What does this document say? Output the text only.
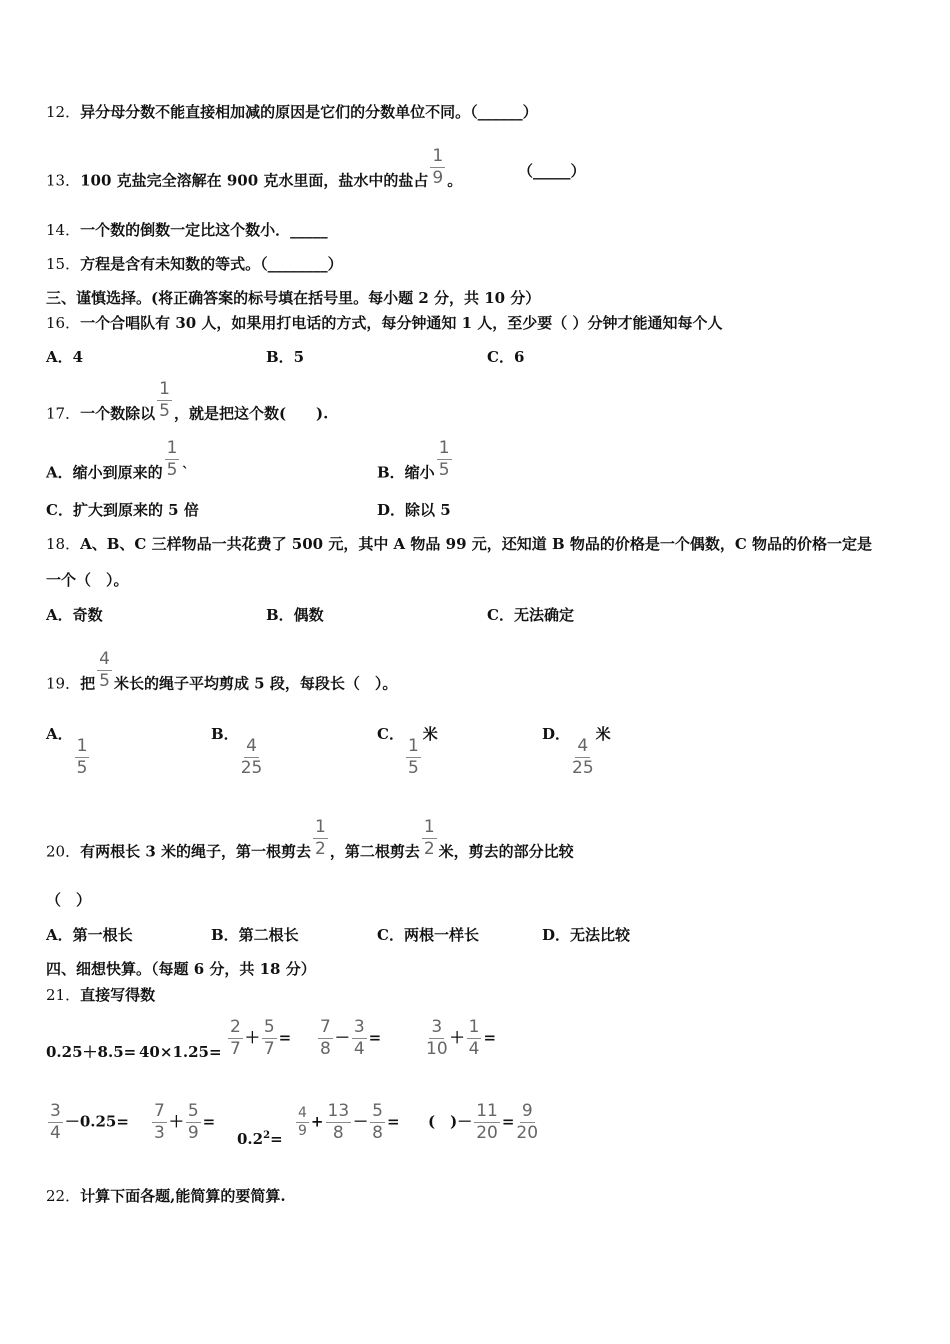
12．异分母分数不能直接相加减的原因是它们的分数单位不同。（______）
13．100 克盐完全溶解在 900 克水里面，盐水中的盐占 $\frac{1}{9}$ 。
（_____）
14．一个数的倒数一定比这个数小．_____
15．方程是含有未知数的等式。（________）
三、谨慎选择。(将正确答案的标号填在括号里。每小题 2 分，共 10 分）
16．一个合唱队有 30 人，如果用打电话的方式，每分钟通知 1 人，至少要（ ）分钟才能通知每个人
A．4	B．5	C．6
17．一个数除以 $\frac{1}{5}$ ，就是把这个数(　　).
A．缩小到原来的 $\frac{1}{5}$ `	B．缩小 $\frac{1}{5}$
C．扩大到原来的 5 倍	D．除以 5
18．A、B、C 三样物品一共花费了 500 元，其中 A 物品 99 元，还知道 B 物品的价格是一个偶数，C 物品的价格一定是
一个（　）。
A．奇数	B．偶数	C．无法确定
19．把 $\frac{4}{5}$ 米长的绳子平均剪成 5 段，每段长（　）。
A．
$\frac{1}{5}$
B．
$\frac{4}{25}$
C．
$\frac{1}{5}$
米	D．
$\frac{4}{25}$
米
20．有两根长 3 米的绳子，第一根剪去 $\frac{1}{2}$ ，第二根剪去 $\frac{1}{2}$ 米，剪去的部分比较
（　）
A．第一根长	B．第二根长	C．两根一样长	D．无法比较
四、细想快算。（每题 6 分，共 18 分）
21．直接写得数
$0.25+8.5= 40\times 1.25= \frac{2}{7} + \frac{5}{7} = \frac{7}{8} - \frac{3}{4}$ =	$\frac{3}{10} + \frac{1}{4}$ =
$\frac{3}{4} -0.25= \frac{7}{3} + \frac{5}{9}$ =
$0.2^2= \frac{4}{9} + \frac{13}{8} - \frac{5}{8}$ = (　)－ $\frac{11}{20} = \frac{9}{20}$
22．计算下面各题,能简算的要简算.
